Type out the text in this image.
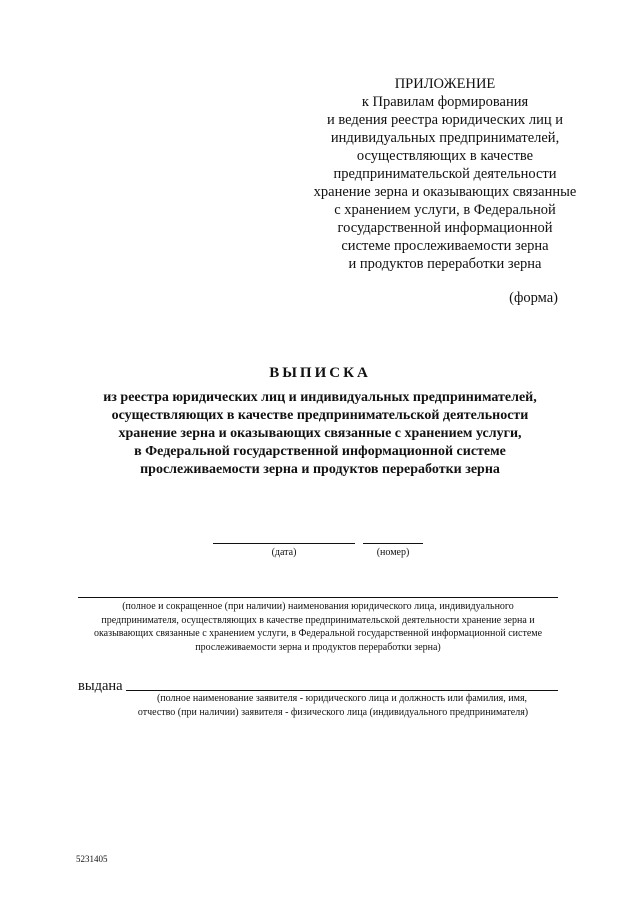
ПРИЛОЖЕНИЕ
к Правилам формирования
и ведения реестра юридических лиц и
индивидуальных предпринимателей,
осуществляющих в качестве
предпринимательской деятельности
хранение зерна и оказывающих связанные
с хранением услуги, в Федеральной
государственной информационной
системе прослеживаемости зерна
и продуктов переработки зерна
(форма)
ВЫПИСКА
из реестра юридических лиц и индивидуальных предпринимателей,
осуществляющих в качестве предпринимательской деятельности
хранение зерна и оказывающих связанные с хранением услуги,
в Федеральной государственной информационной системе
прослеживаемости зерна и продуктов переработки зерна
(дата)	(номер)
(полное и сокращенное (при наличии) наименования юридического лица, индивидуального
предпринимателя, осуществляющих в качестве предпринимательской деятельности хранение зерна и
оказывающих связанные с хранением услуги, в Федеральной государственной информационной системе
прослеживаемости зерна и продуктов переработки зерна)
выдана
(полное наименование заявителя - юридического лица и должность или фамилия, имя,
отчество (при наличии) заявителя - физического лица (индивидуального предпринимателя)
5231405
